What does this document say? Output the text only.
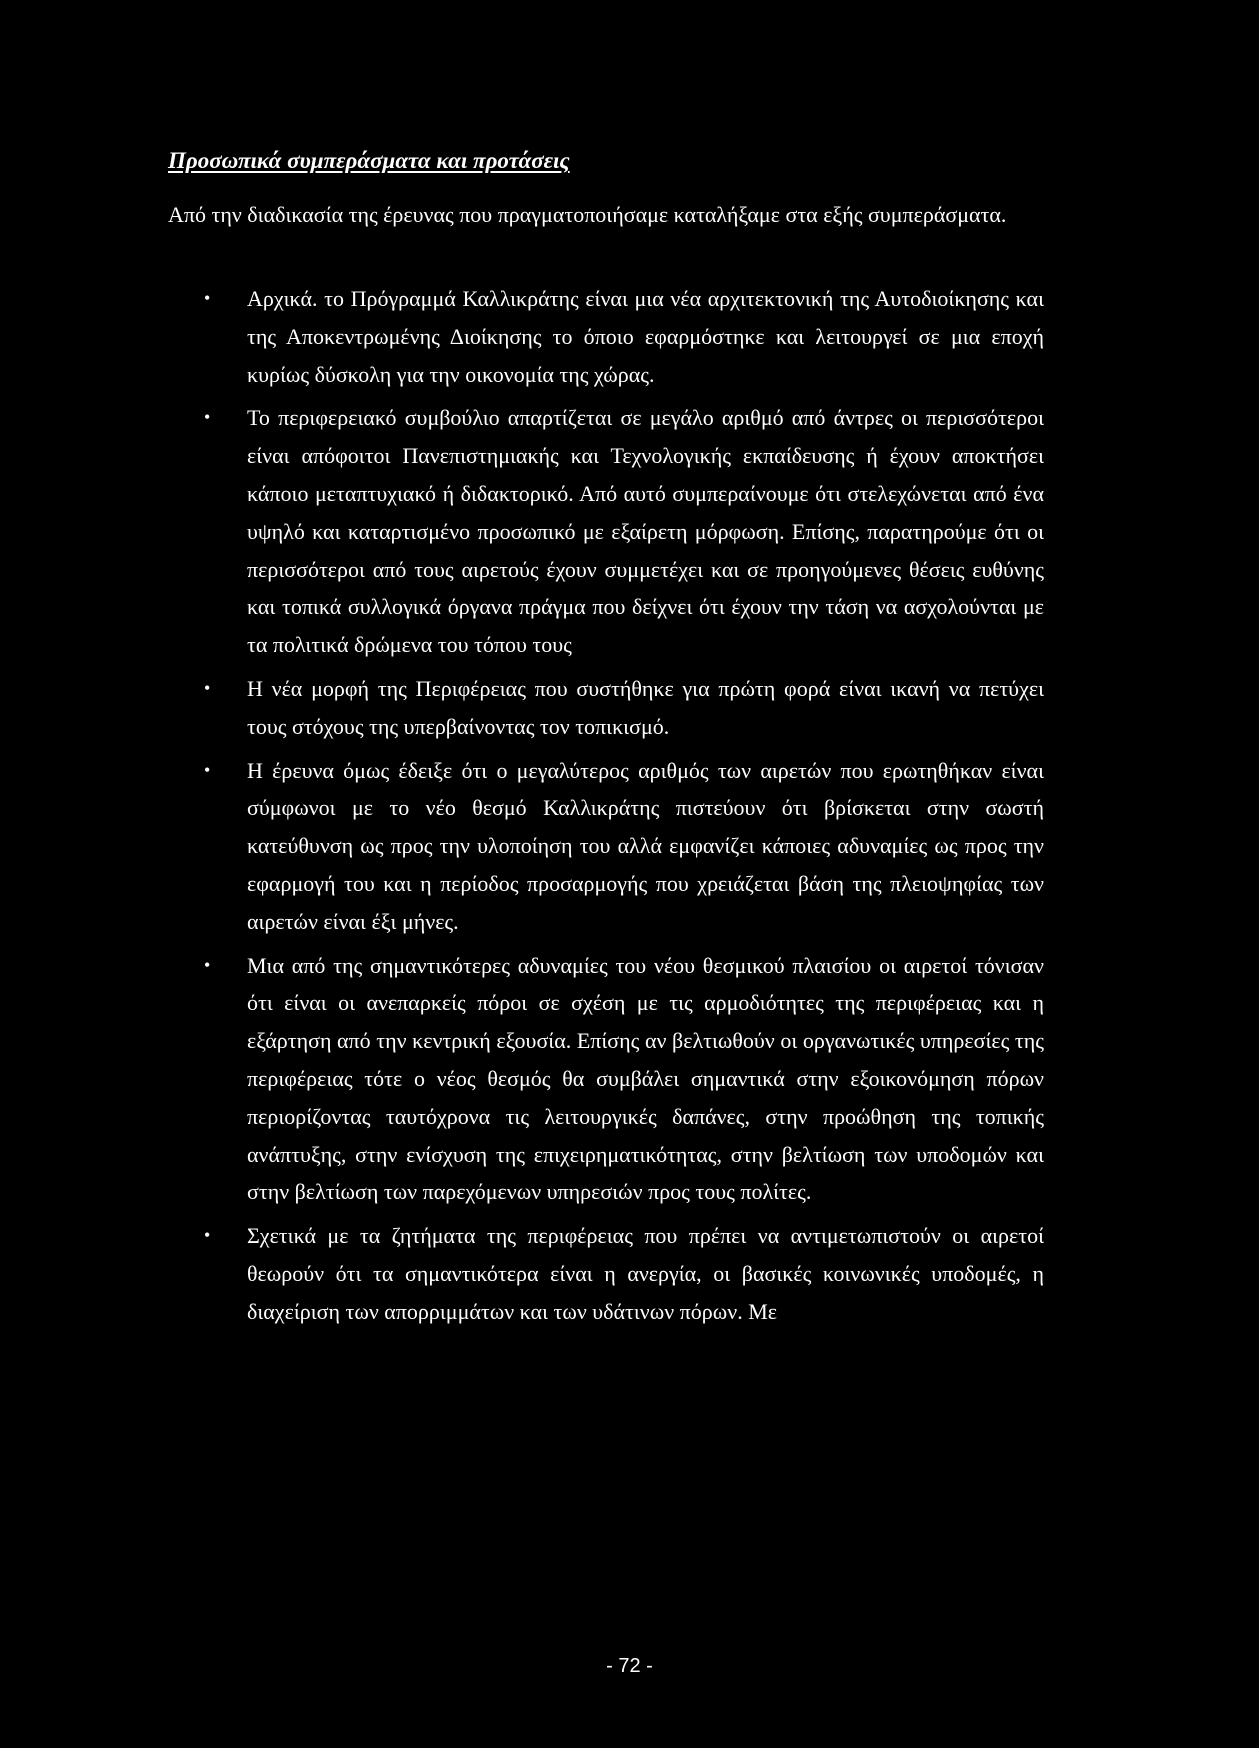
Προσωπικά συμπεράσματα και προτάσεις

Από την διαδικασία της έρευνας που πραγματοποιήσαμε καταλήξαμε στα εξής συμπεράσματα.

• Αρχικά. το Πρόγραμμά Καλλικράτης είναι μια νέα αρχιτεκτονική της Αυτοδιοίκησης και της Αποκεντρωμένης Διοίκησης το όποιο εφαρμόστηκε και λειτουργεί σε μια εποχή κυρίως δύσκολη για την οικονομία της χώρας.
• Το περιφερειακό συμβούλιο απαρτίζεται σε μεγάλο αριθμό από άντρες οι περισσότεροι είναι απόφοιτοι Πανεπιστημιακής και Τεχνολογικής εκπαίδευσης ή έχουν αποκτήσει κάποιο μεταπτυχιακό ή διδακτορικό. Από αυτό συμπεραίνουμε ότι στελεχώνεται από ένα υψηλό και καταρτισμένο προσωπικό με εξαίρετη μόρφωση. Επίσης, παρατηρούμε ότι οι περισσότεροι από τους αιρετούς έχουν συμμετέχει και σε προηγούμενες θέσεις ευθύνης και τοπικά συλλογικά όργανα πράγμα που δείχνει ότι έχουν την τάση να ασχολούνται με τα πολιτικά δρώμενα του τόπου τους
• Η νέα μορφή της Περιφέρειας που συστήθηκε για πρώτη φορά είναι ικανή να πετύχει τους στόχους της υπερβαίνοντας τον τοπικισμό.
• Η έρευνα όμως έδειξε ότι ο μεγαλύτερος αριθμός των αιρετών που ερωτηθήκαν είναι σύμφωνοι με το νέο θεσμό Καλλικράτης πιστεύουν ότι βρίσκεται στην σωστή κατεύθυνση ως προς την υλοποίηση του αλλά εμφανίζει κάποιες αδυναμίες ως προς την εφαρμογή του και η περίοδος προσαρμογής που χρειάζεται βάση της πλειοψηφίας των αιρετών είναι έξι μήνες.
• Μια από της σημαντικότερες αδυναμίες του νέου θεσμικού πλαισίου οι αιρετοί τόνισαν ότι είναι οι ανεπαρκείς πόροι σε σχέση με τις αρμοδιότητες της περιφέρειας και η εξάρτηση από την κεντρική εξουσία. Επίσης αν βελτιωθούν οι οργανωτικές υπηρεσίες της περιφέρειας τότε ο νέος θεσμός θα συμβάλει σημαντικά στην εξοικονόμηση πόρων περιορίζοντας ταυτόχρονα τις λειτουργικές δαπάνες, στην προώθηση της τοπικής ανάπτυξης, στην ενίσχυση της επιχειρηματικότητας, στην βελτίωση των υποδομών και στην βελτίωση των παρεχόμενων υπηρεσιών προς τους πολίτες.
• Σχετικά με τα ζητήματα της περιφέρειας που πρέπει να αντιμετωπιστούν οι αιρετοί θεωρούν ότι τα σημαντικότερα είναι η ανεργία, οι βασικές κοινωνικές υποδομές, η διαχείριση των απορριμμάτων και των υδάτινων πόρων. Με
- 72 -
